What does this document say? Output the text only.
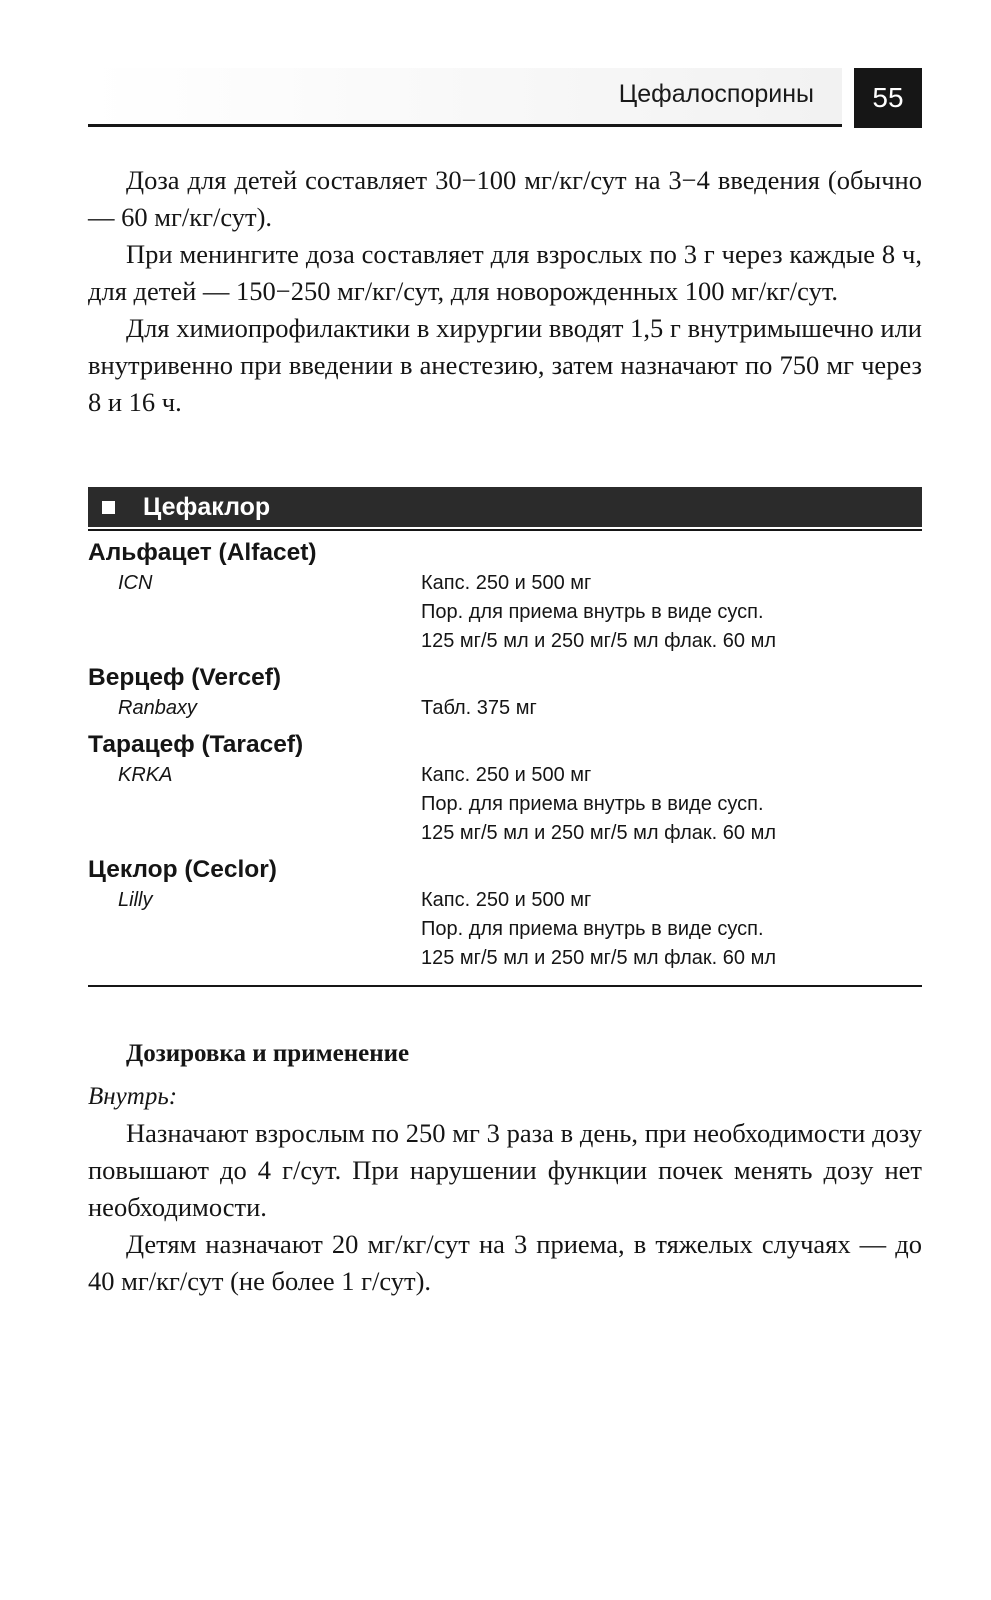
Цефалоспорины	55

Доза для детей составляет 30−100 мг/кг/сут на 3−4 введения (обычно — 60 мг/кг/сут).

При менингите доза составляет для взрослых по 3 г через каждые 8 ч, для детей — 150−250 мг/кг/сут, для новорожденных 100 мг/кг/сут.

Для химиопрофилактики в хирургии вводят 1,5 г внутримышечно или внутривенно при введении в анестезию, затем назначают по 750 мг через 8 и 16 ч.

Цефаклор
Альфацет (Alfacet)
ICN	Капс. 250 и 500 мг
Пор. для приема внутрь в виде сусп.
125 мг/5 мл и 250 мг/5 мл флак. 60 мл
Верцеф (Vercef)
Ranbaxy	Табл. 375 мг
Тарацеф (Taracef)
KRKA	Капс. 250 и 500 мг
Пор. для приема внутрь в виде сусп.
125 мг/5 мл и 250 мг/5 мл флак. 60 мл
Цеклор (Ceclor)
Lilly	Капс. 250 и 500 мг
Пор. для приема внутрь в виде сусп.
125 мг/5 мл и 250 мг/5 мл флак. 60 мл
Дозировка и применение
Внутрь:

Назначают взрослым по 250 мг 3 раза в день, при необходимости дозу повышают до 4 г/сут. При нарушении функции почек менять дозу нет необходимости.

Детям назначают 20 мг/кг/сут на 3 приема, в тяжелых случаях — до 40 мг/кг/сут (не более 1 г/сут).
